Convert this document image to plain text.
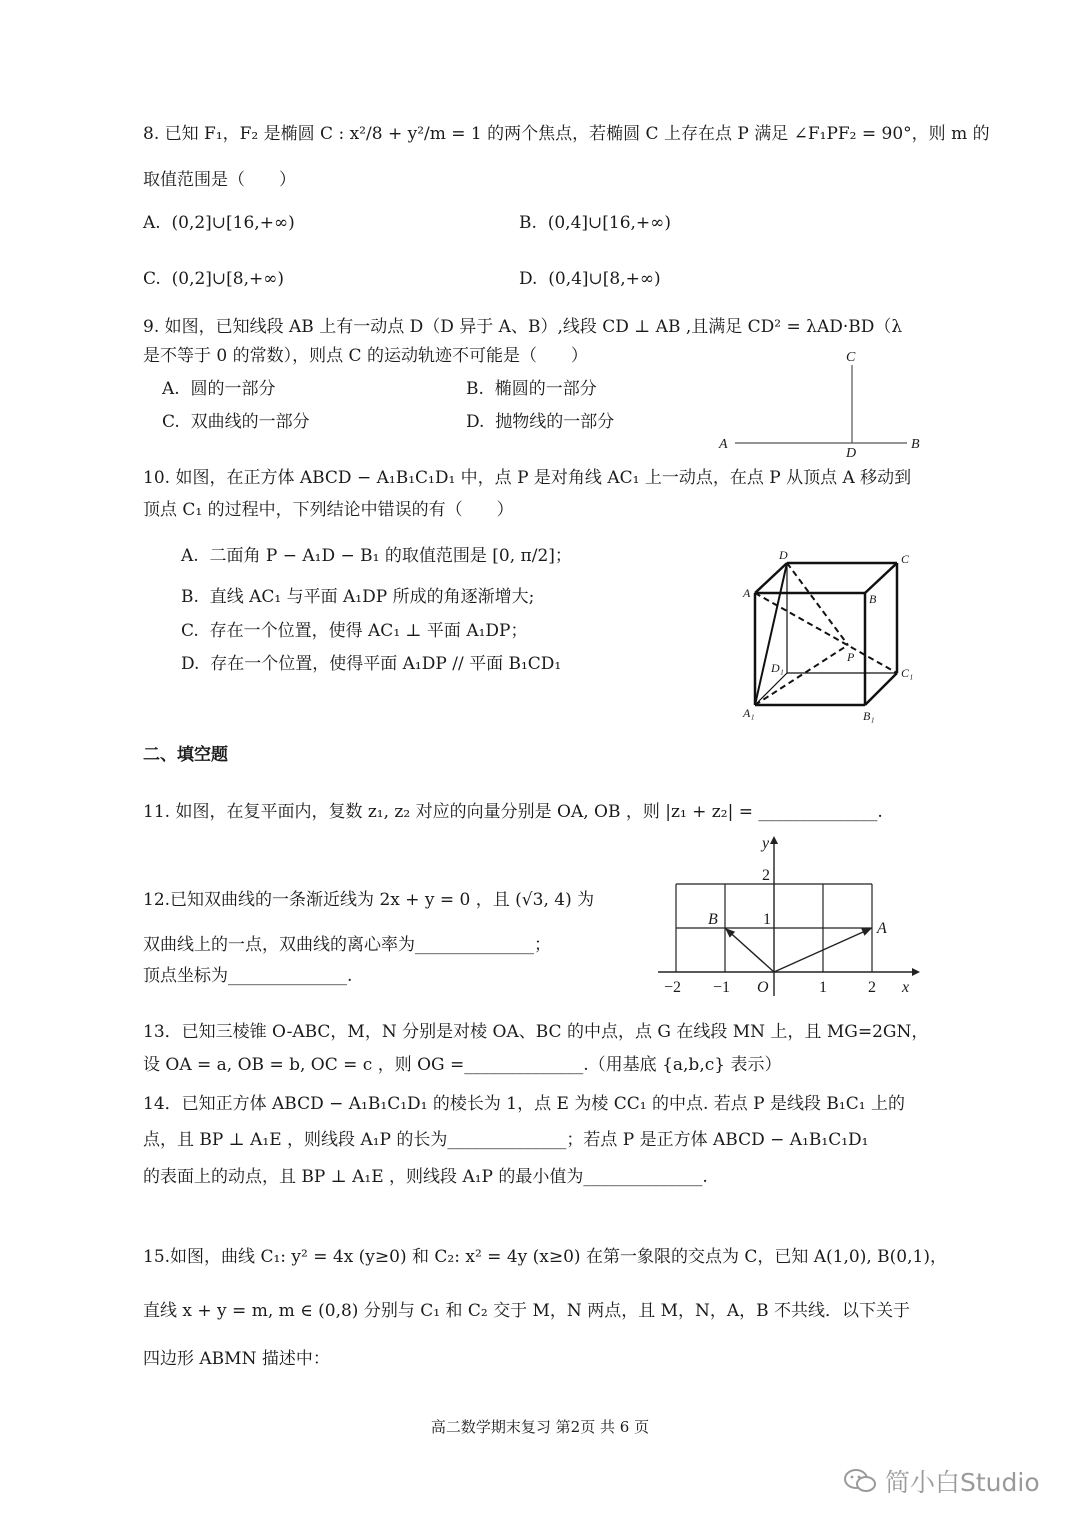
8. 已知 F₁，F₂ 是椭圆 C : x²/8 + y²/m = 1 的两个焦点，若椭圆 C 上存在点 P 满足 ∠F₁PF₂ = 90°，则 m 的
取值范围是（　　）
A. (0,2]∪[16,+∞)	B. (0,4]∪[16,+∞)
C. (0,2]∪[8,+∞)	D. (0,4]∪[8,+∞)
9. 如图，已知线段 AB 上有一动点 D（D 异于 A、B）,线段 CD ⊥ AB ,且满足 CD² = λAD·BD（λ
是不等于 0 的常数），则点 C 的运动轨迹不可能是（　　）
A. 圆的一部分	B. 椭圆的一部分
C. 双曲线的一部分	D. 抛物线的一部分
C
A
D
B
10. 如图，在正方体 ABCD − A₁B₁C₁D₁ 中，点 P 是对角线 AC₁ 上一动点，在点 P 从顶点 A 移动到
顶点 C₁ 的过程中，下列结论中错误的有（　　）
A. 二面角 P − A₁D − B₁ 的取值范围是 [0, π/2]；
B. 直线 AC₁ 与平面 A₁DP 所成的角逐渐增大;
C. 存在一个位置，使得 AC₁ ⊥ 平面 A₁DP；
D. 存在一个位置，使得平面 A₁DP // 平面 B₁CD₁
D	C
A	B
P
D₁	C₁
A₁	B₁
二、填空题
11. 如图，在复平面内，复数 z₁, z₂ 对应的向量分别是 OA, OB ，则 |z₁ + z₂| = ______________.
12.已知双曲线的一条渐近线为 2x + y = 0 ，且 (√3, 4) 为
双曲线上的一点，双曲线的离心率为______________；
顶点坐标为______________.
y
x
2
1
−2 −1 O	1	2
A
B
13．已知三棱锥 O-ABC，M，N 分别是对棱 OA、BC 的中点，点 G 在线段 MN 上，且 MG=2GN，
设 OA = a, OB = b, OC = c ，则 OG =______________.（用基底 {a,b,c} 表示）
14．已知正方体 ABCD − A₁B₁C₁D₁ 的棱长为 1，点 E 为棱 CC₁ 的中点. 若点 P 是线段 B₁C₁ 上的
点，且 BP ⊥ A₁E ，则线段 A₁P 的长为______________；若点 P 是正方体 ABCD − A₁B₁C₁D₁
的表面上的动点，且 BP ⊥ A₁E ，则线段 A₁P 的最小值为______________.
15.如图，曲线 C₁: y² = 4x (y≥0) 和 C₂: x² = 4y (x≥0) 在第一象限的交点为 C，已知 A(1,0), B(0,1)，
直线 x + y = m, m ∈ (0,8) 分别与 C₁ 和 C₂ 交于 M，N 两点，且 M，N，A，B 不共线．以下关于
四边形 ABMN 描述中：
高二数学期末复习 第2页 共 6 页
简小白Studio
